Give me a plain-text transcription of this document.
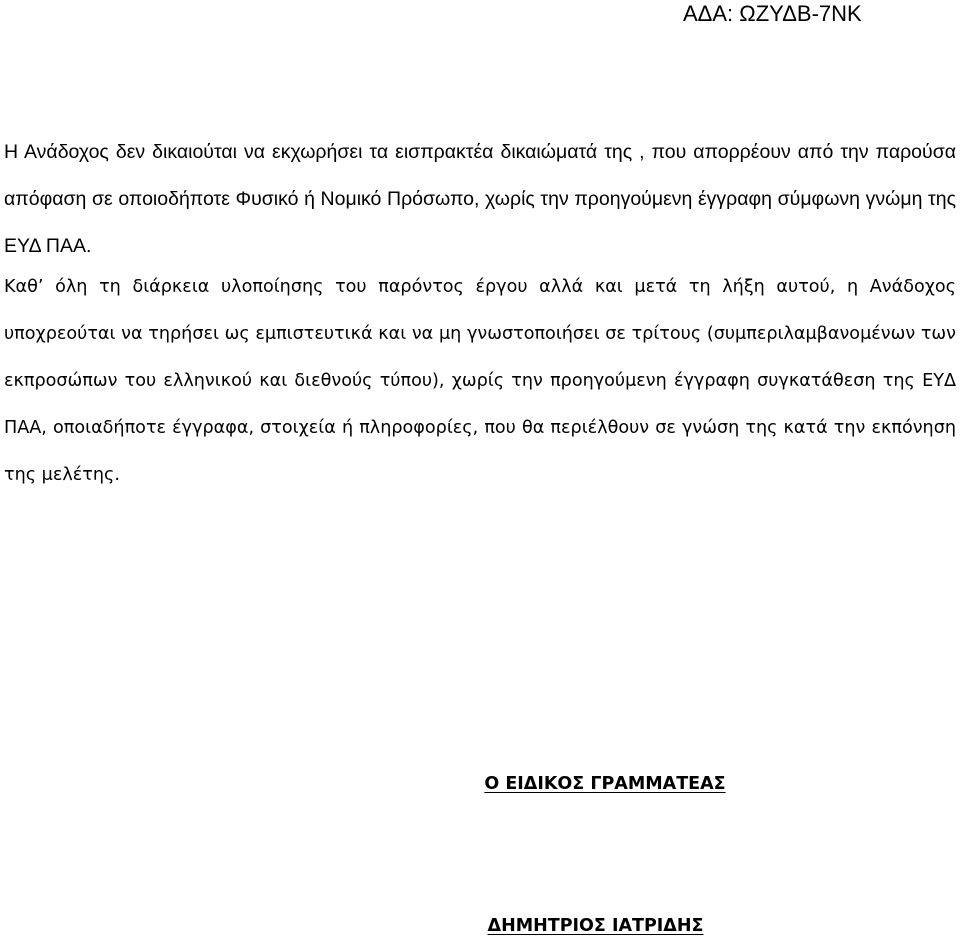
ΑΔΑ: ΩΖΥΔΒ-7ΝΚ

Η Ανάδοχος δεν δικαιούται να εκχωρήσει τα εισπρακτέα δικαιώματά της , που απορρέουν από την παρούσα απόφαση σε οποιοδήποτε Φυσικό ή Νομικό Πρόσωπο, χωρίς την προηγούμενη έγγραφη σύμφωνη γνώμη της ΕΥΔ ΠΑΑ.

Καθ’ όλη τη διάρκεια υλοποίησης του παρόντος έργου αλλά και μετά τη λήξη αυτού, η Ανάδοχος υποχρεούται να τηρήσει ως εμπιστευτικά και να μη γνωστοποιήσει σε τρίτους (συμπεριλαμβανομένων των εκπροσώπων του ελληνικού και διεθνούς τύπου), χωρίς την προηγούμενη έγγραφη συγκατάθεση της ΕΥΔ ΠΑΑ, οποιαδήποτε έγγραφα, στοιχεία ή πληροφορίες, που θα περιέλθουν σε γνώση της κατά την εκπόνηση της μελέτης.

Ο ΕΙΔΙΚΟΣ ΓΡΑΜΜΑΤΕΑΣ
ΔΗΜΗΤΡΙΟΣ ΙΑΤΡΙΔΗΣ
